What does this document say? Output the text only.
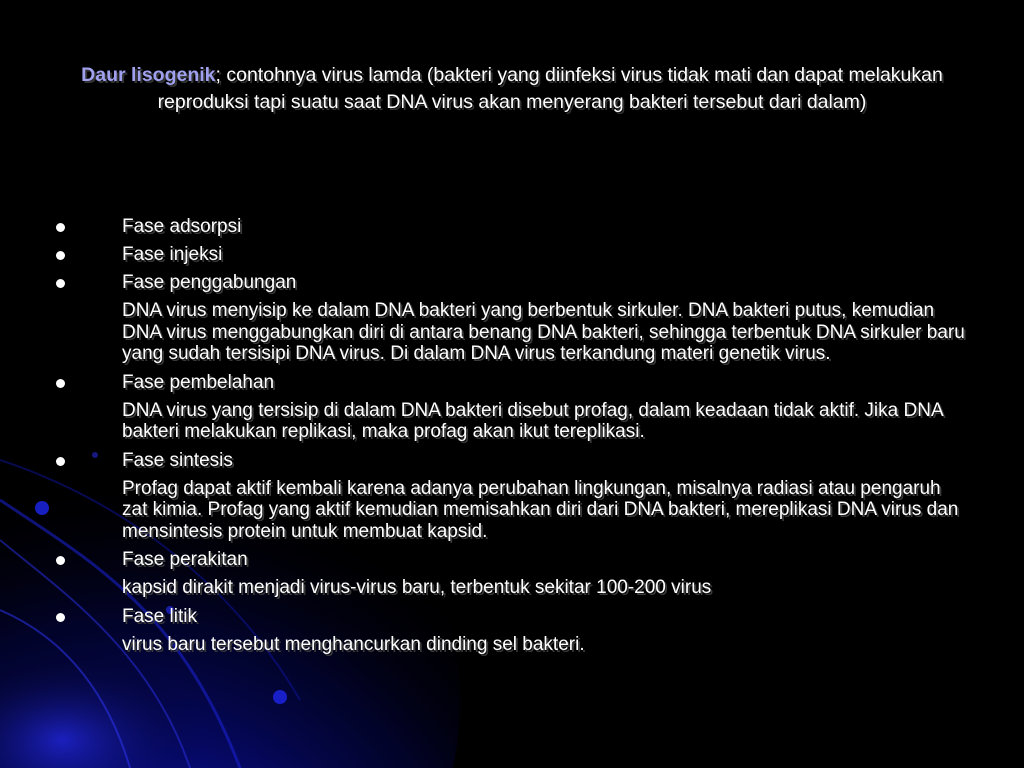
Daur lisogenik; contohnya virus lamda (bakteri yang diinfeksi virus tidak mati dan dapat melakukan reproduksi tapi suatu saat DNA virus akan menyerang bakteri tersebut dari dalam)
Fase adsorpsi
Fase injeksi
Fase penggabungan
DNA virus menyisip ke dalam DNA bakteri yang berbentuk sirkuler. DNA bakteri putus, kemudian DNA virus menggabungkan diri di antara benang DNA bakteri, sehingga terbentuk DNA sirkuler baru yang sudah tersisipi DNA virus. Di dalam DNA virus terkandung materi genetik virus.
Fase pembelahan
DNA virus yang tersisip di dalam DNA bakteri disebut profag, dalam keadaan tidak aktif. Jika DNA bakteri melakukan replikasi, maka profag akan ikut tereplikasi.
Fase sintesis
Profag dapat aktif kembali karena adanya perubahan lingkungan, misalnya radiasi atau pengaruh zat kimia. Profag yang aktif kemudian memisahkan diri dari DNA bakteri, mereplikasi DNA virus dan mensintesis protein untuk membuat kapsid.
Fase perakitan
kapsid dirakit menjadi virus-virus baru, terbentuk sekitar 100-200 virus
Fase litik
virus baru tersebut menghancurkan dinding sel bakteri.
